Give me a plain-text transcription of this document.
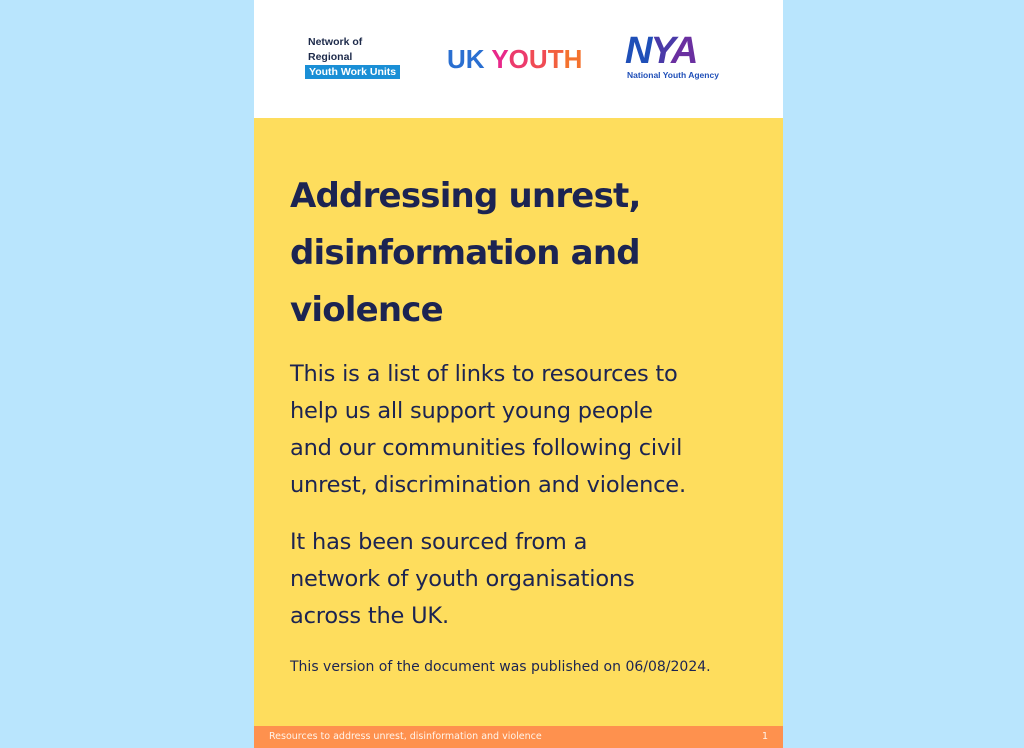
Network of
Regional
Youth Work Units UK YOUTH NYA
National Youth Agency
Addressing unrest,
disinformation and
violence
This is a list of links to resources to
help us all support young people
and our communities following civil
unrest, discrimination and violence.
It has been sourced from a
network of youth organisations
across the UK.
This version of the document was published on 06/08/2024.
Resources to address unrest, disinformation and violence	1
